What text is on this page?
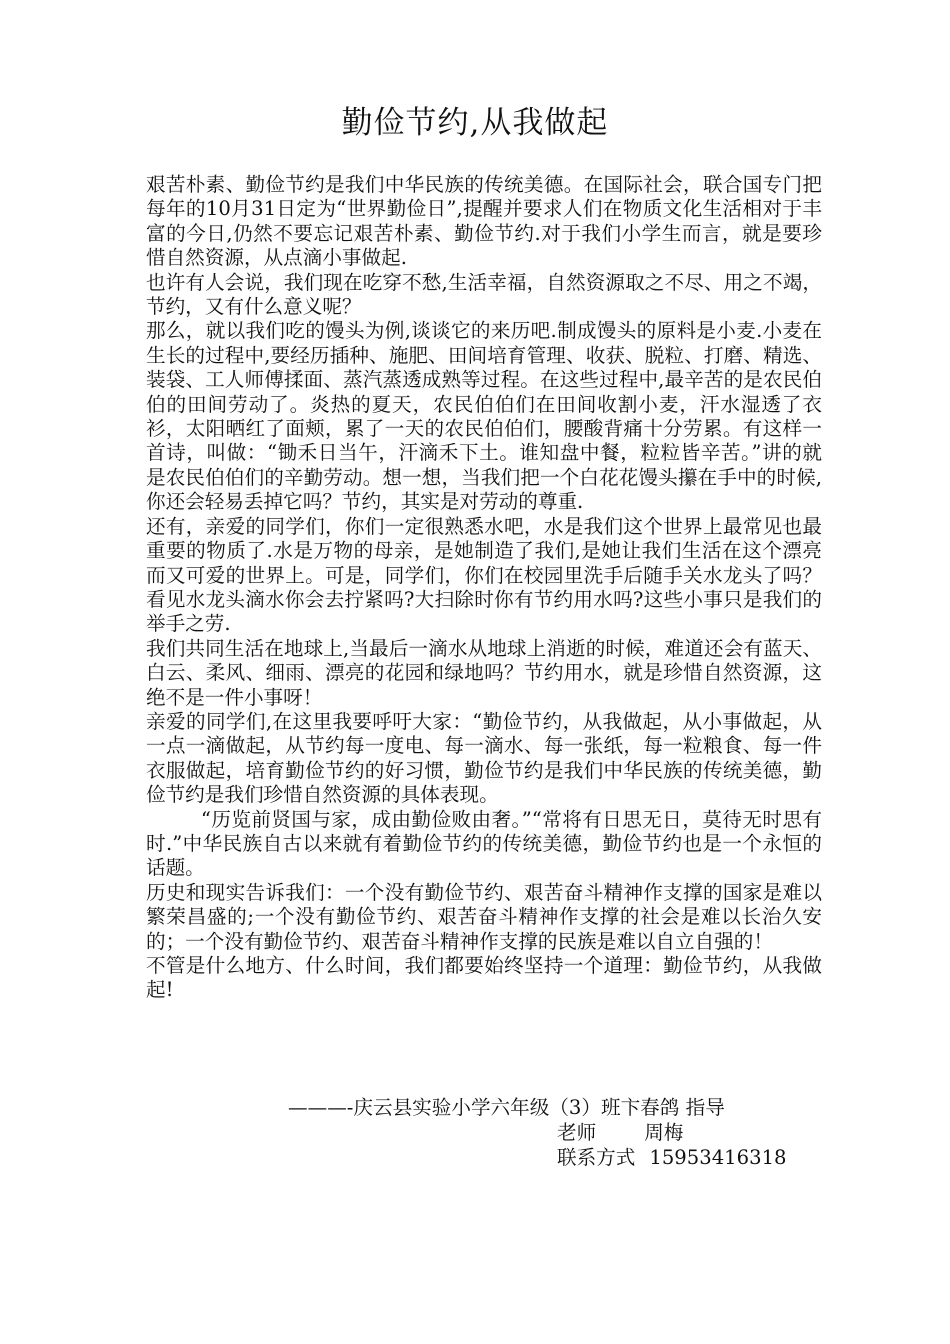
勤俭节约,从我做起

艰苦朴素、勤俭节约是我们中华民族的传统美德。在国际社会，联合国专门把每年的10月31日定为“世界勤俭日”,提醒并要求人们在物质文化生活相对于丰富的今日,仍然不要忘记艰苦朴素、勤俭节约.对于我们小学生而言，就是要珍惜自然资源，从点滴小事做起.

也许有人会说，我们现在吃穿不愁,生活幸福，自然资源取之不尽、用之不竭，节约，又有什么意义呢？

那么，就以我们吃的馒头为例,谈谈它的来历吧.制成馒头的原料是小麦.小麦在生长的过程中,要经历插种、施肥、田间培育管理、收获、脱粒、打磨、精选、装袋、工人师傅揉面、蒸汽蒸透成熟等过程。在这些过程中,最辛苦的是农民伯伯的田间劳动了。炎热的夏天，农民伯伯们在田间收割小麦，汗水湿透了衣衫，太阳晒红了面颊，累了一天的农民伯伯们，腰酸背痛十分劳累。有这样一首诗，叫做：“锄禾日当午，汗滴禾下土。谁知盘中餐，粒粒皆辛苦。”讲的就是农民伯伯们的辛勤劳动。想一想，当我们把一个白花花馒头攥在手中的时候,你还会轻易丢掉它吗？节约，其实是对劳动的尊重.

还有，亲爱的同学们，你们一定很熟悉水吧，水是我们这个世界上最常见也最重要的物质了.水是万物的母亲，是她制造了我们,是她让我们生活在这个漂亮而又可爱的世界上。可是，同学们，你们在校园里洗手后随手关水龙头了吗？看见水龙头滴水你会去拧紧吗?大扫除时你有节约用水吗?这些小事只是我们的举手之劳.

我们共同生活在地球上,当最后一滴水从地球上消逝的时候，难道还会有蓝天、白云、柔风、细雨、漂亮的花园和绿地吗？节约用水，就是珍惜自然资源，这绝不是一件小事呀！

亲爱的同学们,在这里我要呼吁大家：“勤俭节约，从我做起，从小事做起，从一点一滴做起，从节约每一度电、每一滴水、每一张纸，每一粒粮食、每一件衣服做起，培育勤俭节约的好习惯，勤俭节约是我们中华民族的传统美德，勤俭节约是我们珍惜自然资源的具体表现。

“历览前贤国与家，成由勤俭败由奢。”“常将有日思无日，莫待无时思有时.”中华民族自古以来就有着勤俭节约的传统美德，勤俭节约也是一个永恒的话题。

历史和现实告诉我们：一个没有勤俭节约、艰苦奋斗精神作支撑的国家是难以繁荣昌盛的;一个没有勤俭节约、艰苦奋斗精神作支撑的社会是难以长治久安的；一个没有勤俭节约、艰苦奋斗精神作支撑的民族是难以自立自强的！

不管是什么地方、什么时间，我们都要始终坚持一个道理：勤俭节约，从我做起!

———-庆云县实验小学六年级（3）班卞春鸽 指导
老师 周梅
联系方式 15953416318
